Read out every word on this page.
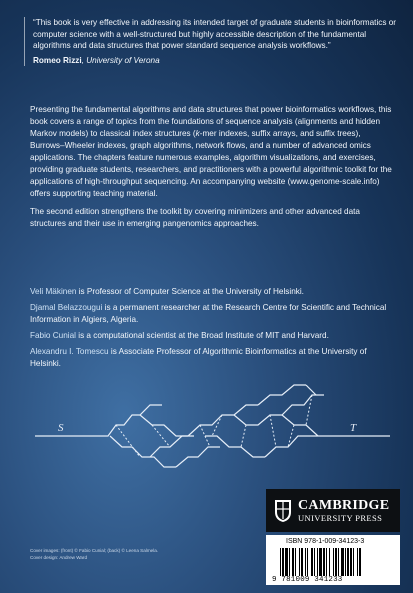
“This book is very effective in addressing its intended target of graduate students in bioinformatics or computer science with a well-structured but highly accessible description of the fundamental algorithms and data structures that power standard sequence analysis workflows.”

Romeo Rizzi, University of Verona

Presenting the fundamental algorithms and data structures that power bioinformatics workflows, this book covers a range of topics from the foundations of sequence analysis (alignments and hidden Markov models) to classical index structures (k-mer indexes, suffix arrays, and suffix trees), Burrows–Wheeler indexes, graph algorithms, network flows, and a number of advanced omics applications. The chapters feature numerous examples, algorithm visualizations, and exercises, providing graduate students, researchers, and practitioners with a powerful algorithmic toolkit for the applications of high-throughput sequencing. An accompanying website (www.genome-scale.info) offers supporting teaching material.

The second edition strengthens the toolkit by covering minimizers and other advanced data structures and their use in emerging pangenomics approaches.

Veli Mäkinen is Professor of Computer Science at the University of Helsinki.

Djamal Belazzougui is a permanent researcher at the Research Centre for Scientific and Technical Information in Algiers, Algeria.

Fabio Cunial is a computational scientist at the Broad Institute of MIT and Harvard.

Alexandru I. Tomescu is Associate Professor of Algorithmic Bioinformatics at the University of Helsinki.

S	T
Cover images: (front) © Fabio Cunial; (back) © Leena Salmela.
Cover design: Andrew Ward
CAMBRIDGE
UNIVERSITY PRESS
ISBN 978-1-009-34123-3
9 781009 341233
